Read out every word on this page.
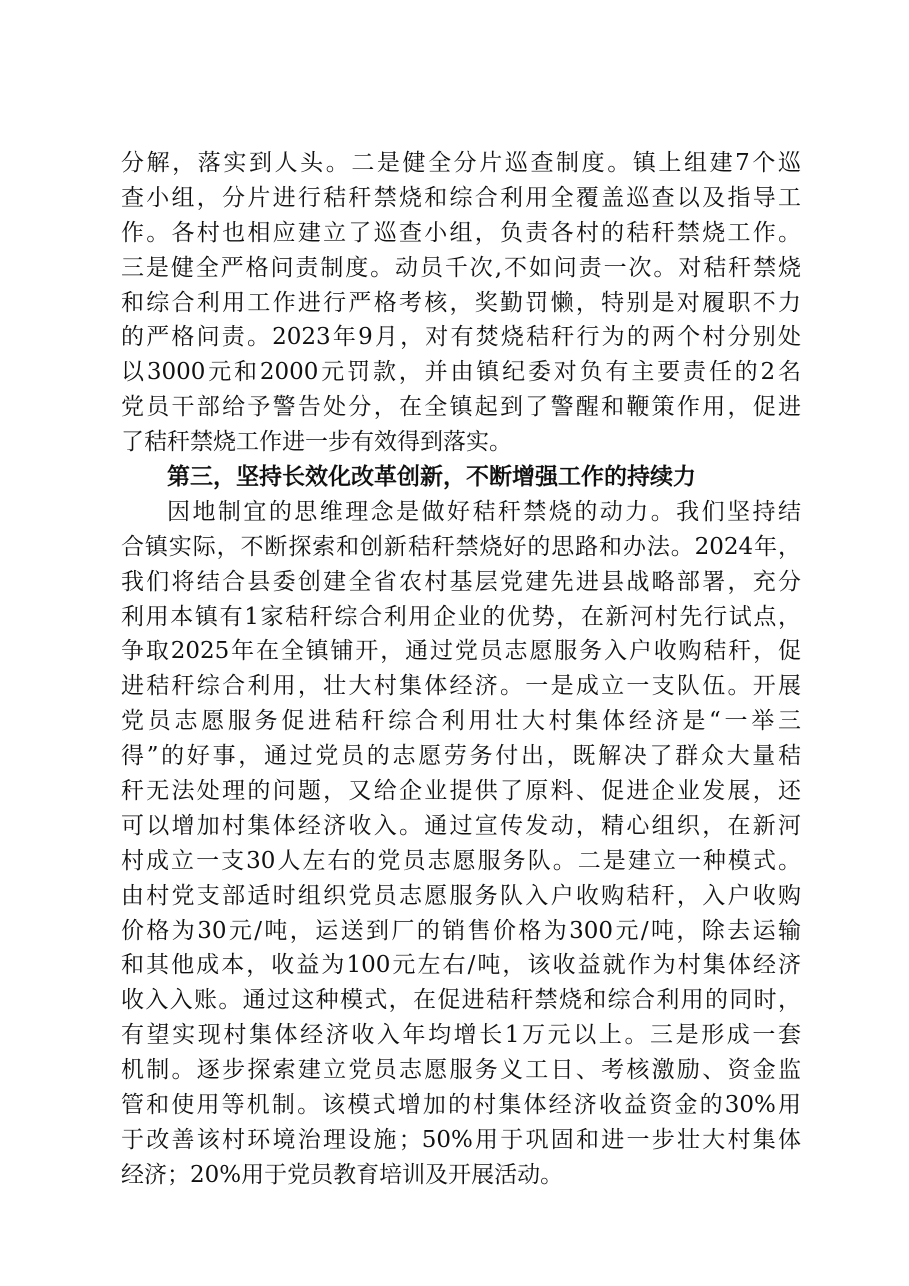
分解，落实到人头。二是健全分片巡查制度。镇上组建7个巡
查小组，分片进行秸秆禁烧和综合利用全覆盖巡查以及指导工
作。各村也相应建立了巡查小组，负责各村的秸秆禁烧工作。
三是健全严格问责制度。动员千次,不如问责一次。对秸秆禁烧
和综合利用工作进行严格考核，奖勤罚懒，特别是对履职不力
的严格问责。2023年9月，对有焚烧秸秆行为的两个村分别处
以3000元和2000元罚款，并由镇纪委对负有主要责任的2名
党员干部给予警告处分，在全镇起到了警醒和鞭策作用，促进
了秸秆禁烧工作进一步有效得到落实。
第三，坚持长效化改革创新，不断增强工作的持续力
因地制宜的思维理念是做好秸秆禁烧的动力。我们坚持结
合镇实际，不断探索和创新秸秆禁烧好的思路和办法。2024年，
我们将结合县委创建全省农村基层党建先进县战略部署，充分
利用本镇有1家秸秆综合利用企业的优势，在新河村先行试点，
争取2025年在全镇铺开，通过党员志愿服务入户收购秸秆，促
进秸秆综合利用，壮大村集体经济。一是成立一支队伍。开展
党员志愿服务促进秸秆综合利用壮大村集体经济是“一举三
得”的好事，通过党员的志愿劳务付出，既解决了群众大量秸
秆无法处理的问题，又给企业提供了原料、促进企业发展，还
可以增加村集体经济收入。通过宣传发动，精心组织，在新河
村成立一支30人左右的党员志愿服务队。二是建立一种模式。
由村党支部适时组织党员志愿服务队入户收购秸秆，入户收购
价格为30元/吨，运送到厂的销售价格为300元/吨，除去运输
和其他成本，收益为100元左右/吨，该收益就作为村集体经济
收入入账。通过这种模式，在促进秸秆禁烧和综合利用的同时，
有望实现村集体经济收入年均增长1万元以上。三是形成一套
机制。逐步探索建立党员志愿服务义工日、考核激励、资金监
管和使用等机制。该模式增加的村集体经济收益资金的30%用
于改善该村环境治理设施；50%用于巩固和进一步壮大村集体
经济；20%用于党员教育培训及开展活动。
